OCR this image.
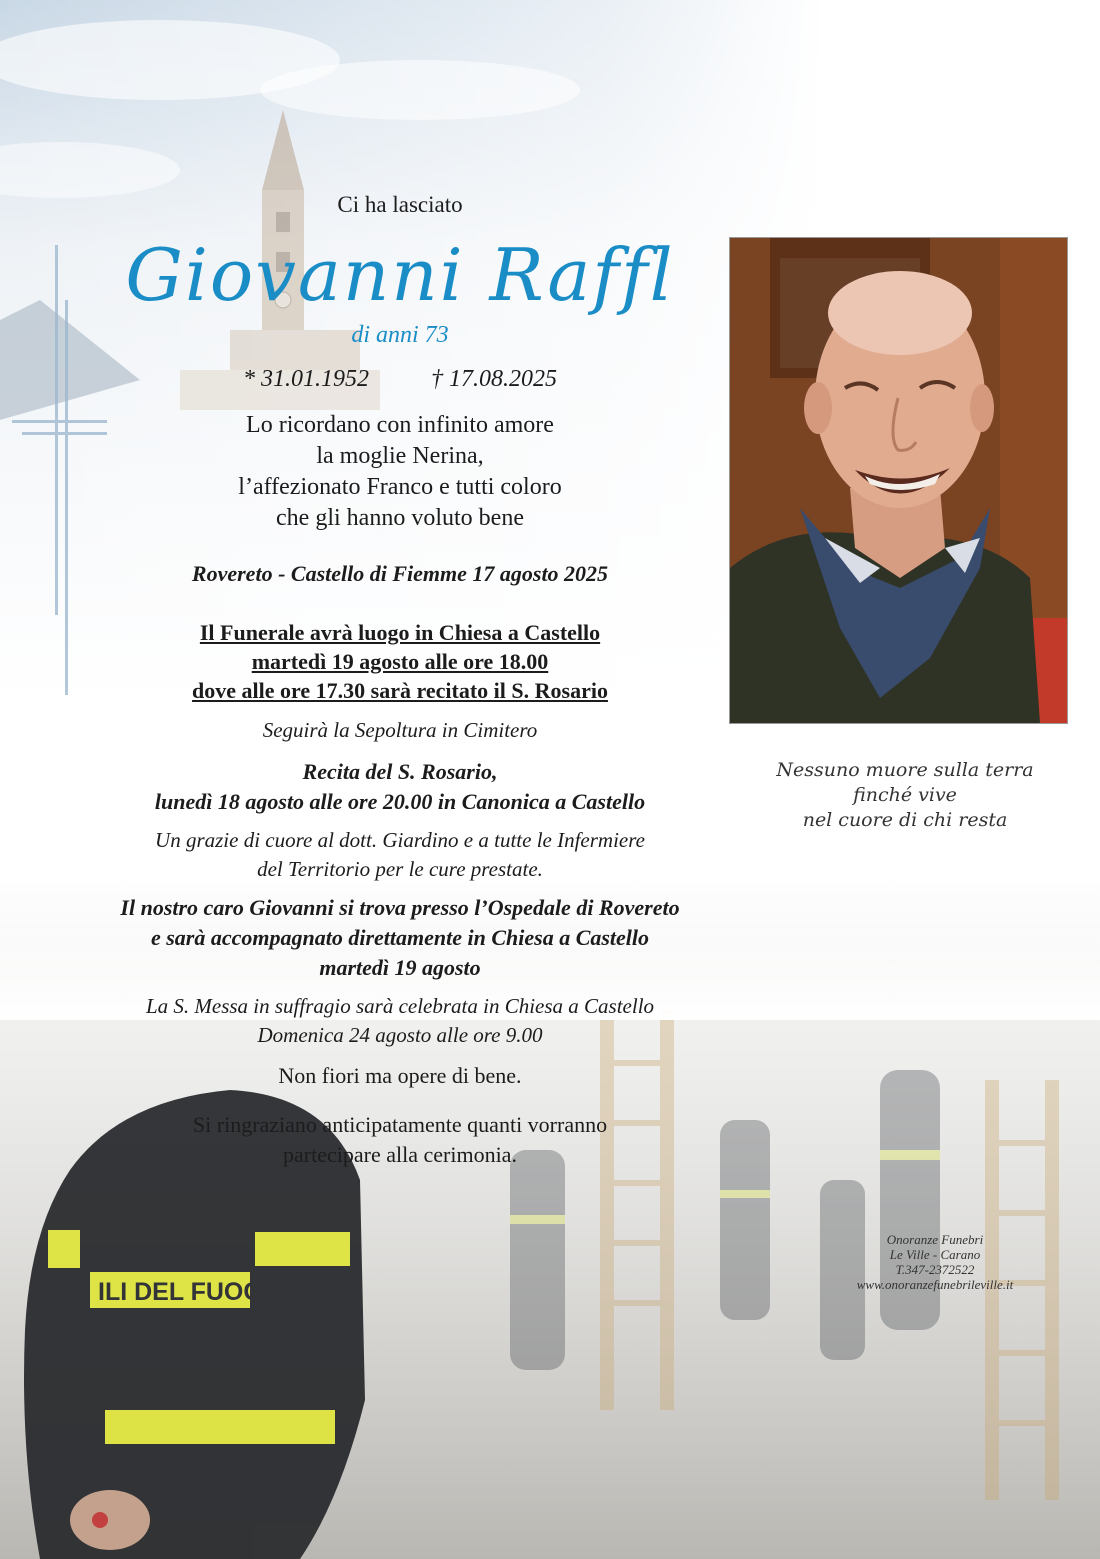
ILI DEL FUOCO
Ci ha lasciato
Giovanni Raffl
di anni 73
* 31.01.1952	† 17.08.2025
Lo ricordano con infinito amore
la moglie Nerina,
l’affezionato Franco e tutti coloro
che gli hanno voluto bene
Rovereto - Castello di Fiemme 17 agosto 2025
Il Funerale avrà luogo in Chiesa a Castello
martedì 19 agosto alle ore 18.00
dove alle ore 17.30 sarà recitato il S. Rosario
Seguirà la Sepoltura in Cimitero
Recita del S. Rosario,
lunedì 18 agosto alle ore 20.00 in Canonica a Castello
Un grazie di cuore al dott. Giardino e a tutte le Infermiere
del Territorio per le cure prestate.
Il nostro caro Giovanni si trova presso l’Ospedale di Rovereto
e sarà accompagnato direttamente in Chiesa a Castello
martedì 19 agosto
La S. Messa in suffragio sarà celebrata in Chiesa a Castello
Domenica 24 agosto alle ore 9.00
Non fiori ma opere di bene.
Si ringraziano anticipatamente quanti vorranno
partecipare alla cerimonia.
Nessuno muore sulla terra
finché vive
nel cuore di chi resta
Onoranze Funebri
Le Ville - Carano
T.347-2372522
www.onoranzefunebrileville.it
